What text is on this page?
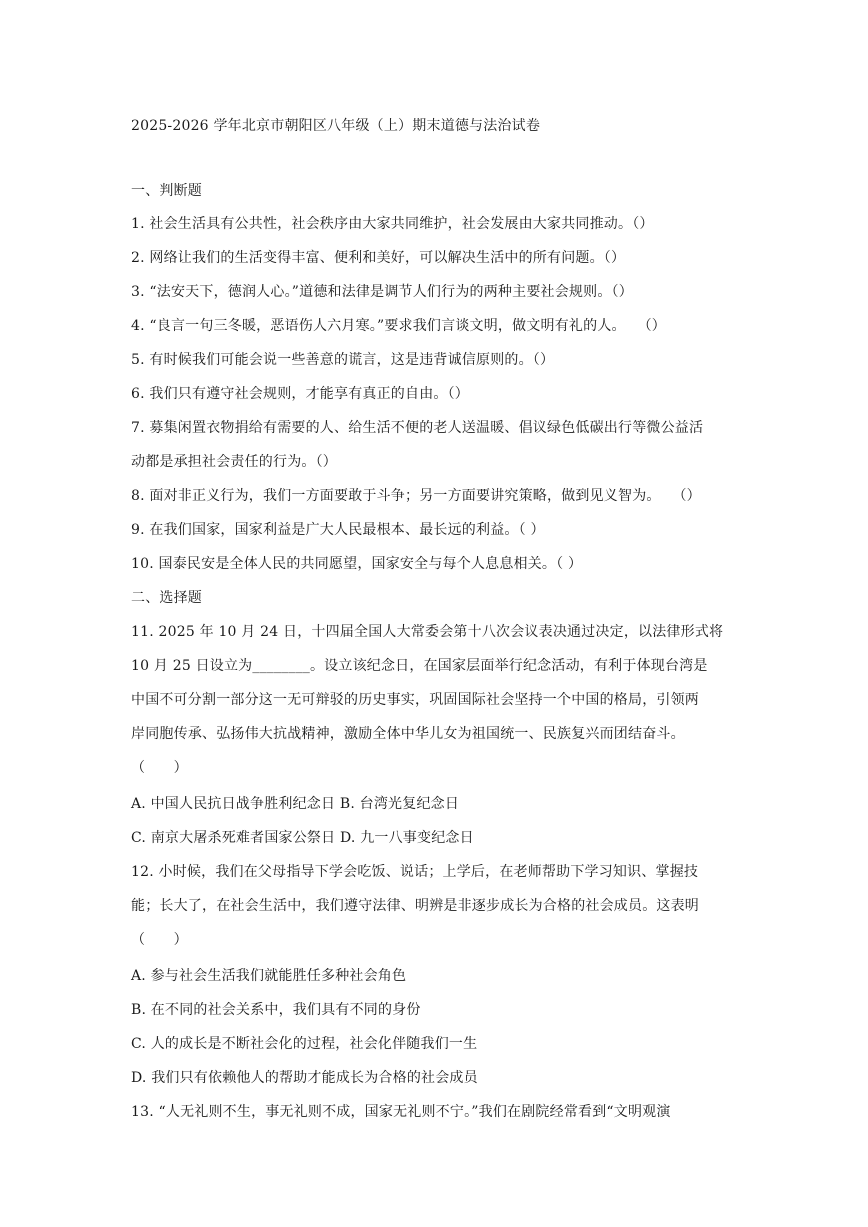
2025-2026 学年北京市朝阳区八年级（上）期末道德与法治试卷
一、判断题
1. 社会生活具有公共性，社会秩序由大家共同维护，社会发展由大家共同推动。（）
2. 网络让我们的生活变得丰富、便利和美好，可以解决生活中的所有问题。（）
3. “法安天下，德润人心。”道德和法律是调节人们行为的两种主要社会规则。（）
4. “良言一句三冬暖，恶语伤人六月寒。”要求我们言谈文明，做文明有礼的人。　 （）
5. 有时候我们可能会说一些善意的谎言，这是违背诚信原则的。（）
6. 我们只有遵守社会规则，才能享有真正的自由。（）
7. 募集闲置衣物捐给有需要的人、给生活不便的老人送温暖、倡议绿色低碳出行等微公益活
动都是承担社会责任的行为。（）
8. 面对非正义行为，我们一方面要敢于斗争；另一方面要讲究策略，做到见义智为。　 （）
9. 在我们国家，国家利益是广大人民最根本、最长远的利益。（ ）
10. 国泰民安是全体人民的共同愿望，国家安全与每个人息息相关。（ ）
二、选择题
11. 2025 年 10 月 24 日，十四届全国人大常委会第十八次会议表决通过决定，以法律形式将
10 月 25 日设立为________。设立该纪念日，在国家层面举行纪念活动，有利于体现台湾是
中国不可分割一部分这一无可辩驳的历史事实，巩固国际社会坚持一个中国的格局，引领两
岸同胞传承、弘扬伟大抗战精神，激励全体中华儿女为祖国统一、民族复兴而团结奋斗。
（　　）
A. 中国人民抗日战争胜利纪念日 B. 台湾光复纪念日
C. 南京大屠杀死难者国家公祭日 D. 九一八事变纪念日
12. 小时候，我们在父母指导下学会吃饭、说话；上学后，在老师帮助下学习知识、掌握技
能；长大了，在社会生活中，我们遵守法律、明辨是非逐步成长为合格的社会成员。这表明
（　　）
A. 参与社会生活我们就能胜任多种社会角色
B. 在不同的社会关系中，我们具有不同的身份
C. 人的成长是不断社会化的过程，社会化伴随我们一生
D. 我们只有依赖他人的帮助才能成长为合格的社会成员
13. “人无礼则不生，事无礼则不成，国家无礼则不宁。”我们在剧院经常看到“文明观演
